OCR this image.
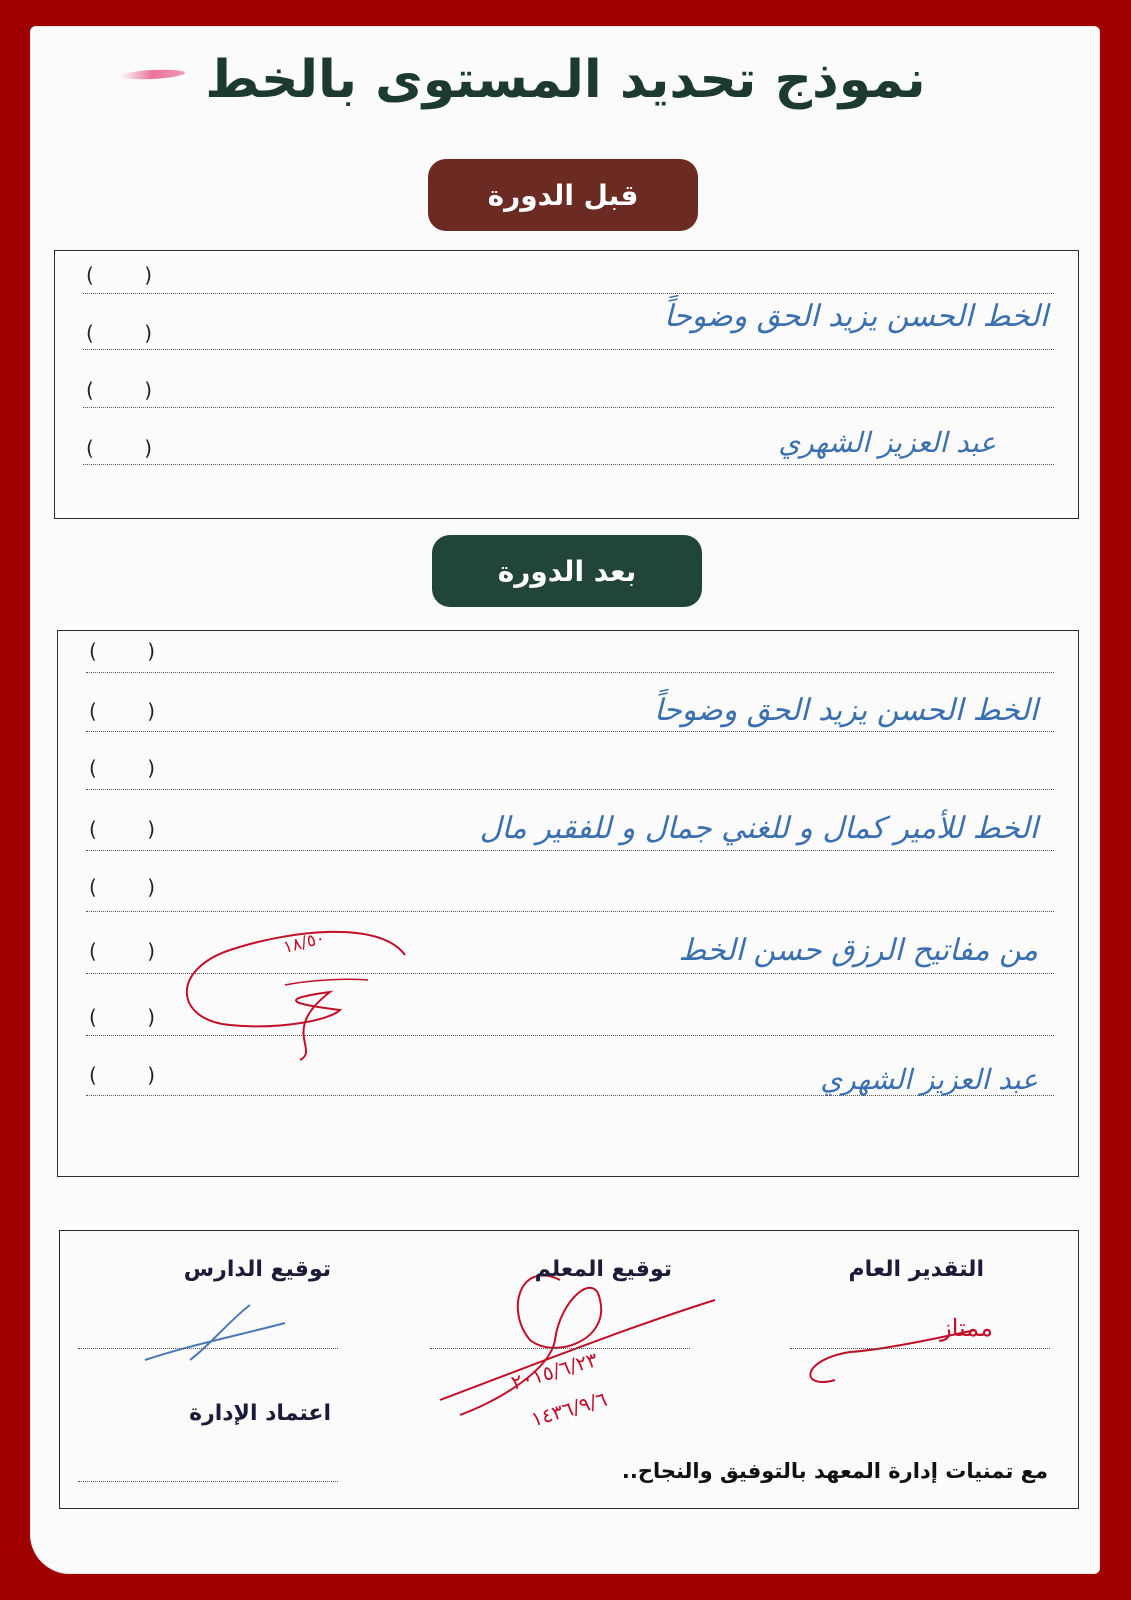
نموذج تحديد المستوى بالخط
قبل الدورة
(	)
(	)	الخط الحسن يزيد الحق وضوحاً
(	)
(	)	عبد العزيز الشهري
بعد الدورة
(	)
(	)	الخط الحسن يزيد الحق وضوحاً
(	)
(	)	الخط للأمير كمال و للغني جمال و للفقير مال
(	)
(	)	من مفاتيح الرزق حسن الخط
(	)
(	)	عبد العزيز الشهري
١٨/٥٠
التقدير العام
توقيع المعلم
توقيع الدارس
ممتاز
٢٠١٥/٦/٢٣
١٤٣٦/٩/٦
اعتماد الإدارة
مع تمنيات إدارة المعهد بالتوفيق والنجاح..
